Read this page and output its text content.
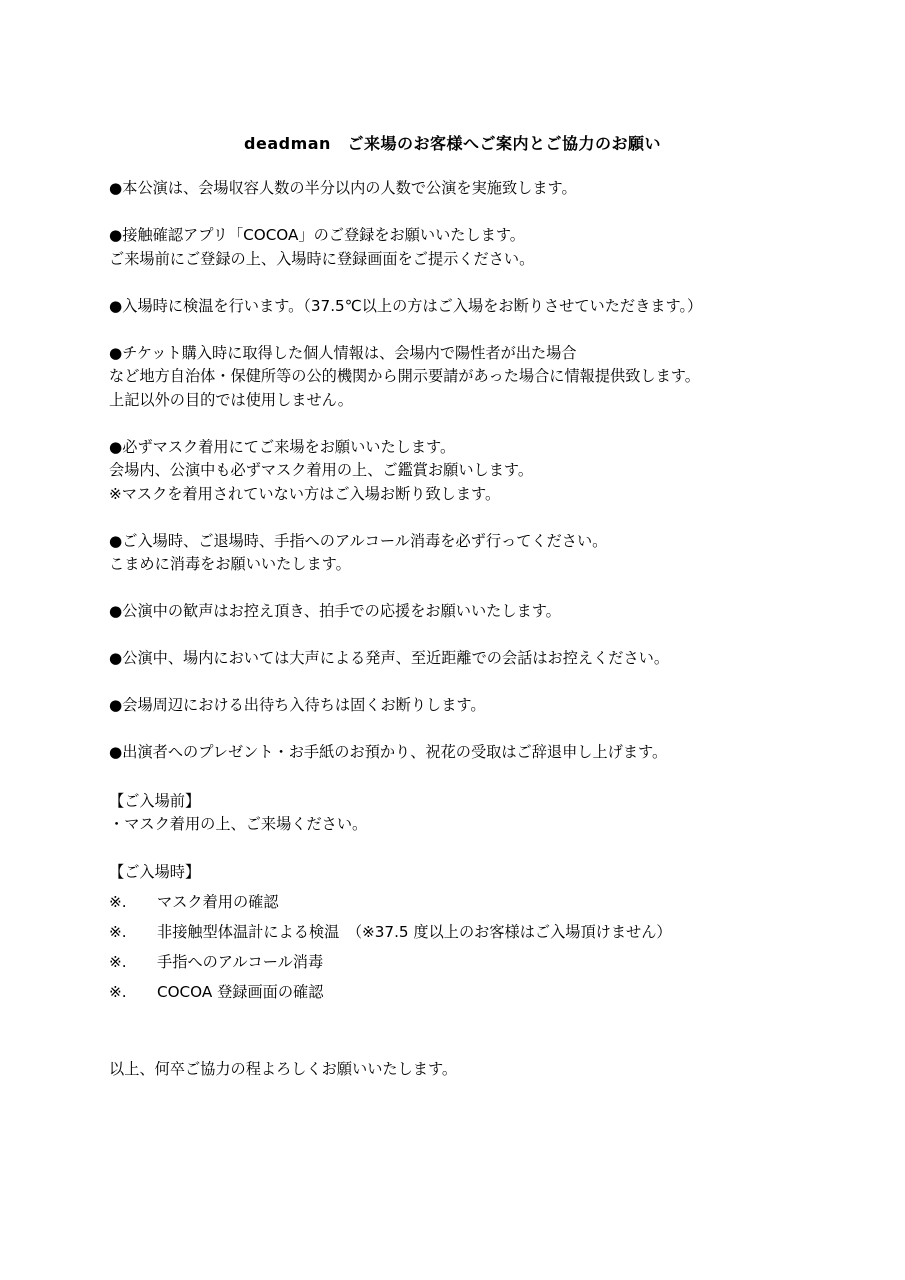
deadman　ご来場のお客様へご案内とご協力のお願い
●本公演は、会場収容人数の半分以内の人数で公演を実施致します。
●接触確認アプリ「COCOA」のご登録をお願いいたします。
ご来場前にご登録の上、入場時に登録画面をご提示ください。
●入場時に検温を行います。（37.5℃以上の方はご入場をお断りさせていただきます。）
●チケット購入時に取得した個人情報は、会場内で陽性者が出た場合
など地方自治体・保健所等の公的機関から開示要請があった場合に情報提供致します。
上記以外の目的では使用しません。
●必ずマスク着用にてご来場をお願いいたします。
会場内、公演中も必ずマスク着用の上、ご鑑賞お願いします。
※マスクを着用されていない方はご入場お断り致します。
●ご入場時、ご退場時、手指へのアルコール消毒を必ず行ってください。
こまめに消毒をお願いいたします。
●公演中の歓声はお控え頂き、拍手での応援をお願いいたします。
●公演中、場内においては大声による発声、至近距離での会話はお控えください。
●会場周辺における出待ち入待ちは固くお断りします。
●出演者へのプレゼント・お手紙のお預かり、祝花の受取はご辞退申し上げます。
【ご入場前】
・マスク着用の上、ご来場ください。
【ご入場時】
※.	マスク着用の確認
※.	非接触型体温計による検温　（※37.5 度以上のお客様はご入場頂けません）
※.	手指へのアルコール消毒
※.	COCOA 登録画面の確認
以上、何卒ご協力の程よろしくお願いいたします。
